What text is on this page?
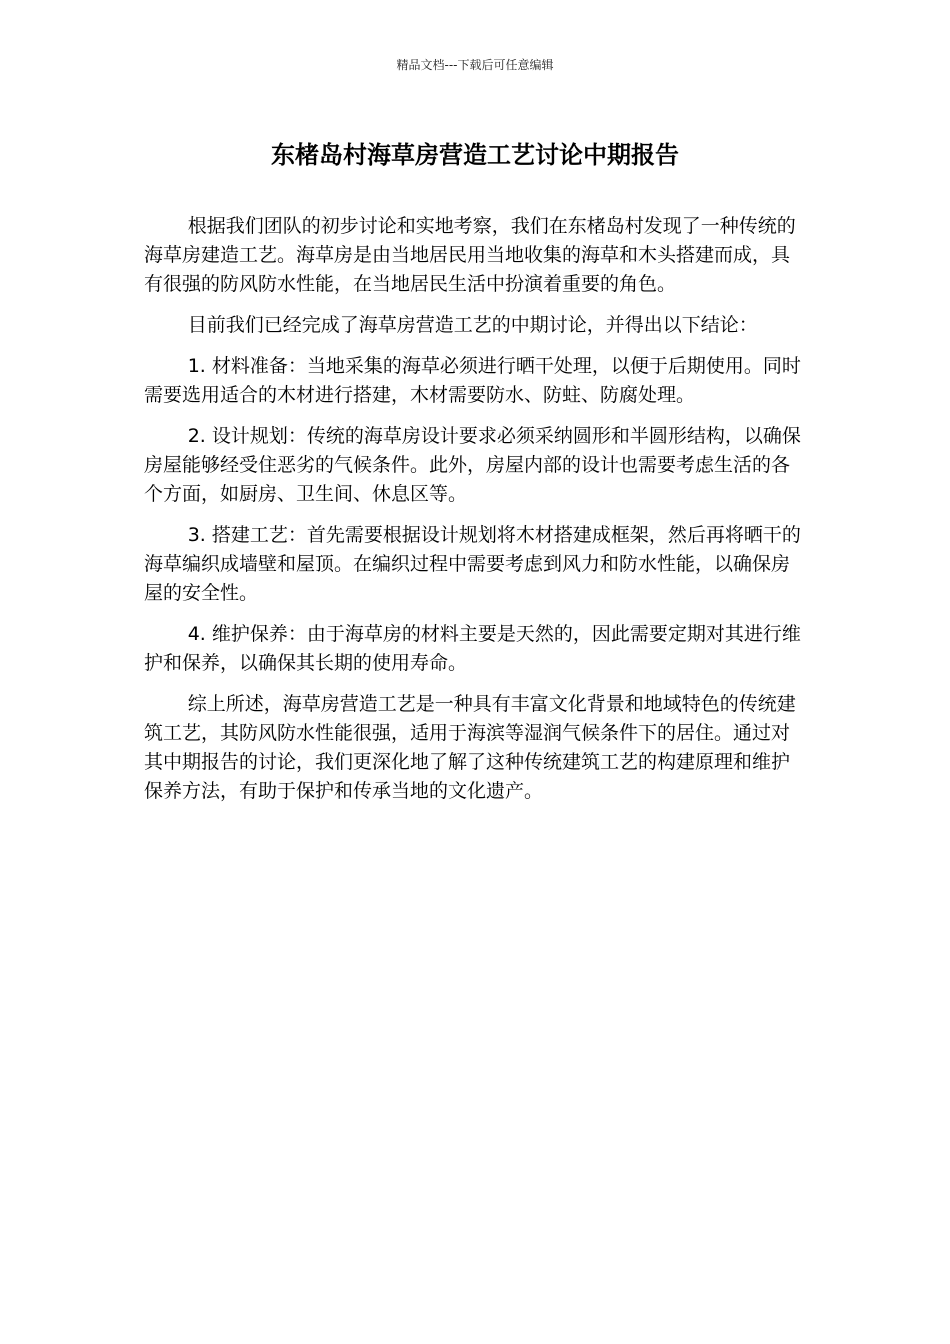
精品文档---下载后可任意编辑
东楮岛村海草房营造工艺讨论中期报告

根据我们团队的初步讨论和实地考察，我们在东楮岛村发现了一种传统的海草房建造工艺。海草房是由当地居民用当地收集的海草和木头搭建而成，具有很强的防风防水性能，在当地居民生活中扮演着重要的角色。

目前我们已经完成了海草房营造工艺的中期讨论，并得出以下结论：

1. 材料准备：当地采集的海草必须进行晒干处理，以便于后期使用。同时需要选用适合的木材进行搭建，木材需要防水、防蛀、防腐处理。

2. 设计规划：传统的海草房设计要求必须采纳圆形和半圆形结构，以确保房屋能够经受住恶劣的气候条件。此外，房屋内部的设计也需要考虑生活的各个方面，如厨房、卫生间、休息区等。

3. 搭建工艺：首先需要根据设计规划将木材搭建成框架，然后再将晒干的海草编织成墙壁和屋顶。在编织过程中需要考虑到风力和防水性能，以确保房屋的安全性。

4. 维护保养：由于海草房的材料主要是天然的，因此需要定期对其进行维护和保养，以确保其长期的使用寿命。

综上所述，海草房营造工艺是一种具有丰富文化背景和地域特色的传统建筑工艺，其防风防水性能很强，适用于海滨等湿润气候条件下的居住。通过对其中期报告的讨论，我们更深化地了解了这种传统建筑工艺的构建原理和维护保养方法，有助于保护和传承当地的文化遗产。
